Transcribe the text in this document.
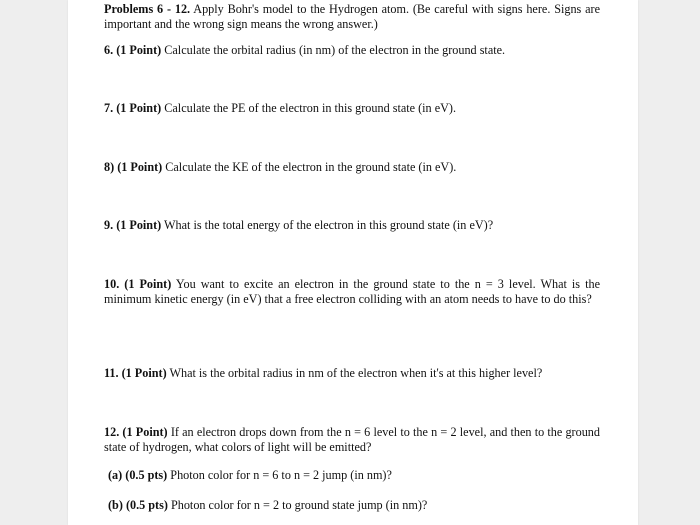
Problems 6 - 12. Apply Bohr's model to the Hydrogen atom. (Be careful with signs here. Signs are important and the wrong sign means the wrong answer.)
6. (1 Point) Calculate the orbital radius (in nm) of the electron in the ground state.
7. (1 Point) Calculate the PE of the electron in this ground state (in eV).
8) (1 Point) Calculate the KE of the electron in the ground state (in eV).
9. (1 Point) What is the total energy of the electron in this ground state (in eV)?
10. (1 Point) You want to excite an electron in the ground state to the n = 3 level. What is the minimum kinetic energy (in eV) that a free electron colliding with an atom needs to have to do this?
11. (1 Point) What is the orbital radius in nm of the electron when it's at this higher level?
12. (1 Point) If an electron drops down from the n = 6 level to the n = 2 level, and then to the ground state of hydrogen, what colors of light will be emitted?
(a) (0.5 pts) Photon color for n = 6 to n = 2 jump (in nm)?
(b) (0.5 pts) Photon color for n = 2 to ground state jump (in nm)?
